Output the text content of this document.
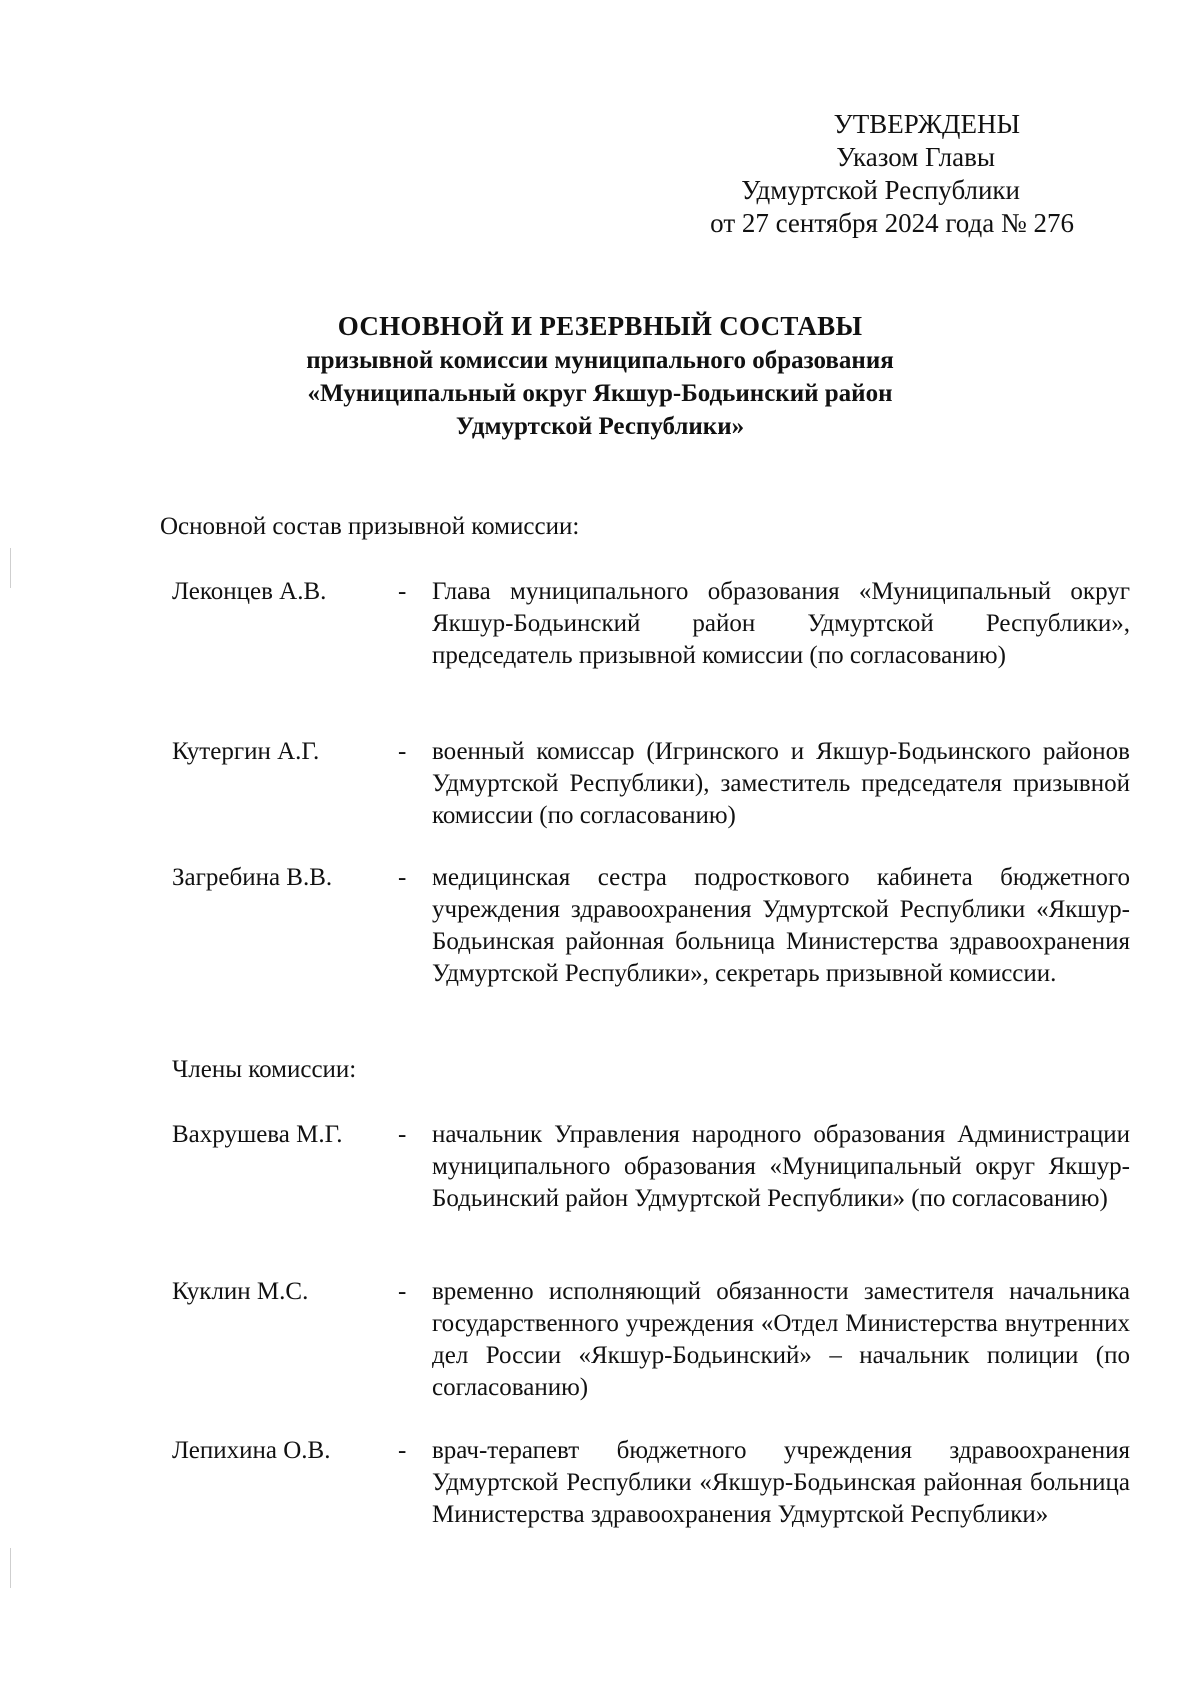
УТВЕРЖДЕНЫ
Указом Главы
Удмуртской Республики
от 27 сентября 2024 года № 276
ОСНОВНОЙ И РЕЗЕРВНЫЙ СОСТАВЫ
призывной комиссии муниципального образования
«Муниципальный округ Якшур-Бодьинский район
Удмуртской Республики»
Основной состав призывной комиссии:
Леконцев А.В.	- Глава муниципального образования «Муниципальный округ Якшур-Бодьинский район Удмуртской Республики», председатель призывной комиссии (по согласованию)
Кутергин А.Г.	- военный комиссар (Игринского и Якшур-Бодьинского районов Удмуртской Республики), заместитель председателя призывной комиссии (по согласованию)
Загребина В.В.	- медицинская сестра подросткового кабинета бюджетного учреждения здравоохранения Удмуртской Республики «Якшур-Бодьинская районная больница Министерства здравоохранения Удмуртской Республики», секретарь призывной комиссии.
Члены комиссии:
Вахрушева М.Г.	- начальник Управления народного образования Администрации муниципального образования «Муниципальный округ Якшур-Бодьинский район Удмуртской Республики» (по согласованию)
Куклин М.С.	- временно исполняющий обязанности заместителя начальника государственного учреждения «Отдел Министерства внутренних дел России «Якшур-Бодьинский» – начальник полиции (по согласованию)
Лепихина О.В.	- врач-терапевт бюджетного учреждения здравоохранения Удмуртской Республики «Якшур-Бодьинская районная больница Министерства здравоохранения Удмуртской Республики»
